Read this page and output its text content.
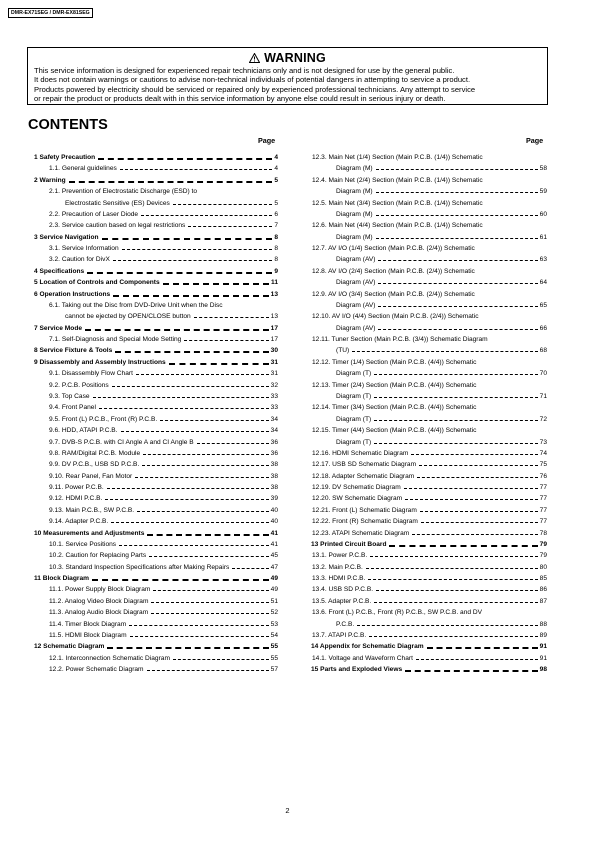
DMR-EX71SEG / DMR-EX81SEG
WARNING
This service information is designed for experienced repair technicians only and is not designed for use by the general public.
It does not contain warnings or cautions to advise non-technical individuals of potential dangers in attempting to service a product.
Products powered by electricity should be serviced or repaired only by experienced professional technicians. Any attempt to service
or repair the product or products dealt with in this service information by anyone else could result in serious injury or death.
CONTENTS
Page	Page
1 Safety Precaution	4
1.1. General guidelines	4
2 Warning	5
2.1. Prevention of Electrostatic Discharge (ESD) to
Electrostatic Sensitive (ES) Devices	5
2.2. Precaution of Laser Diode	6
2.3. Service caution based on legal restrictions	7
3 Service Navigation	8
3.1. Service Information	8
3.2. Caution for DivX	8
4 Specifications	9
5 Location of Controls and Components	11
6 Operation Instructions	13
6.1. Taking out the Disc from DVD-Drive Unit when the Disc
cannot be ejected by OPEN/CLOSE button	13
7 Service Mode	17
7.1. Self-Diagnosis and Special Mode Setting	17
8 Service Fixture & Tools	30
9 Disassembly and Assembly Instructions	31
9.1. Disassembly Flow Chart	31
9.2. P.C.B. Positions	32
9.3. Top Case	33
9.4. Front Panel	33
9.5. Front (L) P.C.B., Front (R) P.C.B.	34
9.6. HDD, ATAPI P.C.B.	34
9.7. DVB-S P.C.B. with CI Angle A and CI Angle B	36
9.8. RAM/Digital P.C.B. Module	36
9.9. DV P.C.B., USB SD P.C.B.	38
9.10. Rear Panel, Fan Motor	38
9.11. Power P.C.B.	38
9.12. HDMI P.C.B.	39
9.13. Main P.C.B., SW P.C.B.	40
9.14. Adapter P.C.B.	40
10 Measurements and Adjustments	41
10.1. Service Positions	41
10.2. Caution for Replacing Parts	45
10.3. Standard Inspection Specifications after Making Repairs	47
11 Block Diagram	49
11.1. Power Supply Block Diagram	49
11.2. Analog Video Block Diagram	51
11.3. Analog Audio Block Diagram	52
11.4. Timer Block Diagram	53
11.5. HDMI Block Diagram	54
12 Schematic Diagram	55
12.1. Interconnection Schematic Diagram	55
12.2. Power Schematic Diagram	57
12.3. Main Net (1/4) Section (Main P.C.B. (1/4)) Schematic
Diagram (M)	58
12.4. Main Net (2/4) Section (Main P.C.B. (1/4)) Schematic
Diagram (M)	59
12.5. Main Net (3/4) Section (Main P.C.B. (1/4)) Schematic
Diagram (M)	60
12.6. Main Net (4/4) Section (Main P.C.B. (1/4)) Schematic
Diagram (M)	61
12.7. AV I/O (1/4) Section (Main P.C.B. (2/4)) Schematic
Diagram (AV)	63
12.8. AV I/O (2/4) Section (Main P.C.B. (2/4)) Schematic
Diagram (AV)	64
12.9. AV I/O (3/4) Section (Main P.C.B. (2/4)) Schematic
Diagram (AV)	65
12.10. AV I/O (4/4) Section (Main P.C.B. (2/4)) Schematic
Diagram (AV)	66
12.11. Tuner Section (Main P.C.B. (3/4)) Schematic Diagram
(TU)	68
12.12. Timer (1/4) Section (Main P.C.B. (4/4)) Schematic
Diagram (T)	70
12.13. Timer (2/4) Section (Main P.C.B. (4/4)) Schematic
Diagram (T)	71
12.14. Timer (3/4) Section (Main P.C.B. (4/4)) Schematic
Diagram (T)	72
12.15. Timer (4/4) Section (Main P.C.B. (4/4)) Schematic
Diagram (T)	73
12.16. HDMI Schematic Diagram	74
12.17. USB SD Schematic Diagram	75
12.18. Adapter Schematic Diagram	76
12.19. DV Schematic Diagram	77
12.20. SW Schematic Diagram	77
12.21. Front (L) Schematic Diagram	77
12.22. Front (R) Schematic Diagram	77
12.23. ATAPI Schematic Diagram	78
13 Printed Circuit Board	79
13.1. Power P.C.B.	79
13.2. Main P.C.B.	80
13.3. HDMI P.C.B.	85
13.4. USB SD P.C.B.	86
13.5. Adapter P.C.B.	87
13.6. Front (L) P.C.B., Front (R) P.C.B., SW P.C.B. and DV
P.C.B.	88
13.7. ATAPI P.C.B.	89
14 Appendix for Schematic Diagram	91
14.1. Voltage and Waveform Chart	91
15 Parts and Exploded Views	98
2
